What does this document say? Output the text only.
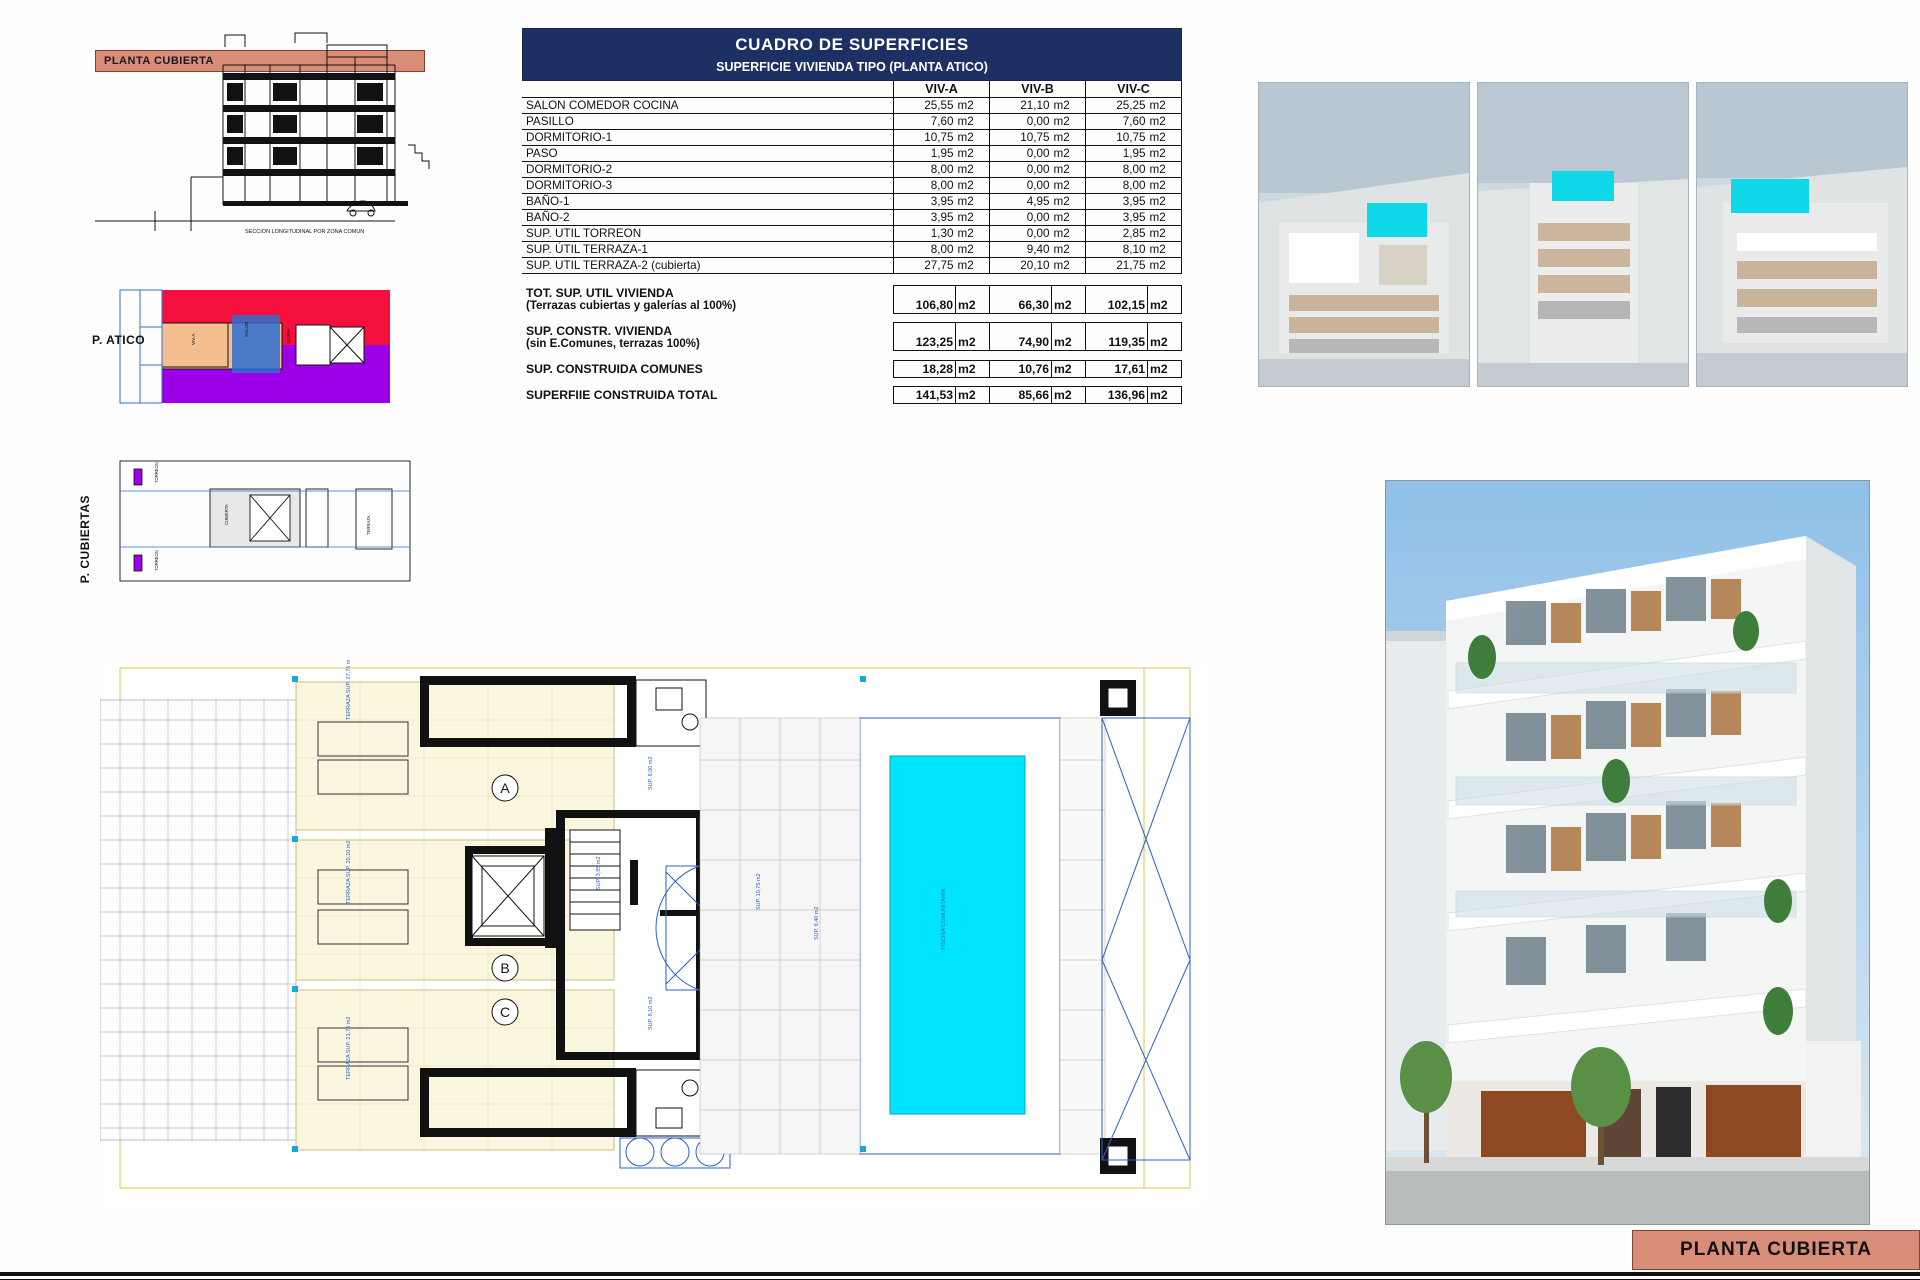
PLANTA CUBIERTA
SECCION LONGITUDINAL POR ZONA COMUN
P. ATICO	VIV-A
SALON	DORM
P. CUBIERTAS
TORREON
TORREON
TERRAZA
CUBIERTA
CUADRO DE SUPERFICIES
SUPERFICIE VIVIENDA TIPO (PLANTA ATICO)
	VIV-A		VIV-B		VIV-C	
SALON COMEDOR COCINA	25,55	m2	21,10	m2	25,25	m2
PASILLO	7,60	m2	0,00	m2	7,60	m2
DORMITORIO-1	10,75	m2	10,75	m2	10,75	m2
PASO	1,95	m2	0,00	m2	1,95	m2
DORMITORIO-2	8,00	m2	0,00	m2	8,00	m2
DORMITORIO-3	8,00	m2	0,00	m2	8,00	m2
BAÑO-1	3,95	m2	4,95	m2	3,95	m2
BAÑO-2	3,95	m2	0,00	m2	3,95	m2
SUP. UTIL TORREON	1,30	m2	0,00	m2	2,85	m2
SUP. ÚTIL TERRAZA-1	8,00	m2	9,40	m2	8,10	m2
SUP. UTIL TERRAZA-2 (cubierta)	27,75	m2	20,10	m2	21,75	m2

TOT. SUP. UTIL VIVIENDA
(Terrazas cubiertas y galerías al 100%)	106,80	m2	66,30	m2	102,15	m2

SUP. CONSTR. VIVIENDA
(sin E.Comunes, terrazas 100%)	123,25	m2	74,90	m2	119,35	m2

SUP. CONSTRUIDA COMUNES	18,28	m2	10,76	m2	17,61	m2

SUPERFIIE CONSTRUIDA TOTAL	141,53	m2	85,66	m2	136,96	m2
A
B
C
TERRAZA SUP. 27,75 m2
TERRAZA SUP. 20,10 m2
TERRAZA SUP. 21,75 m2
SUP. 8,00 m2
SUP. 8,10 m2
SUP. 9,40 m2
SUP. 10,75 m2	PISCINA COMUNITARIA
SUP. 3,95 m2
PLANTA CUBIERTA
